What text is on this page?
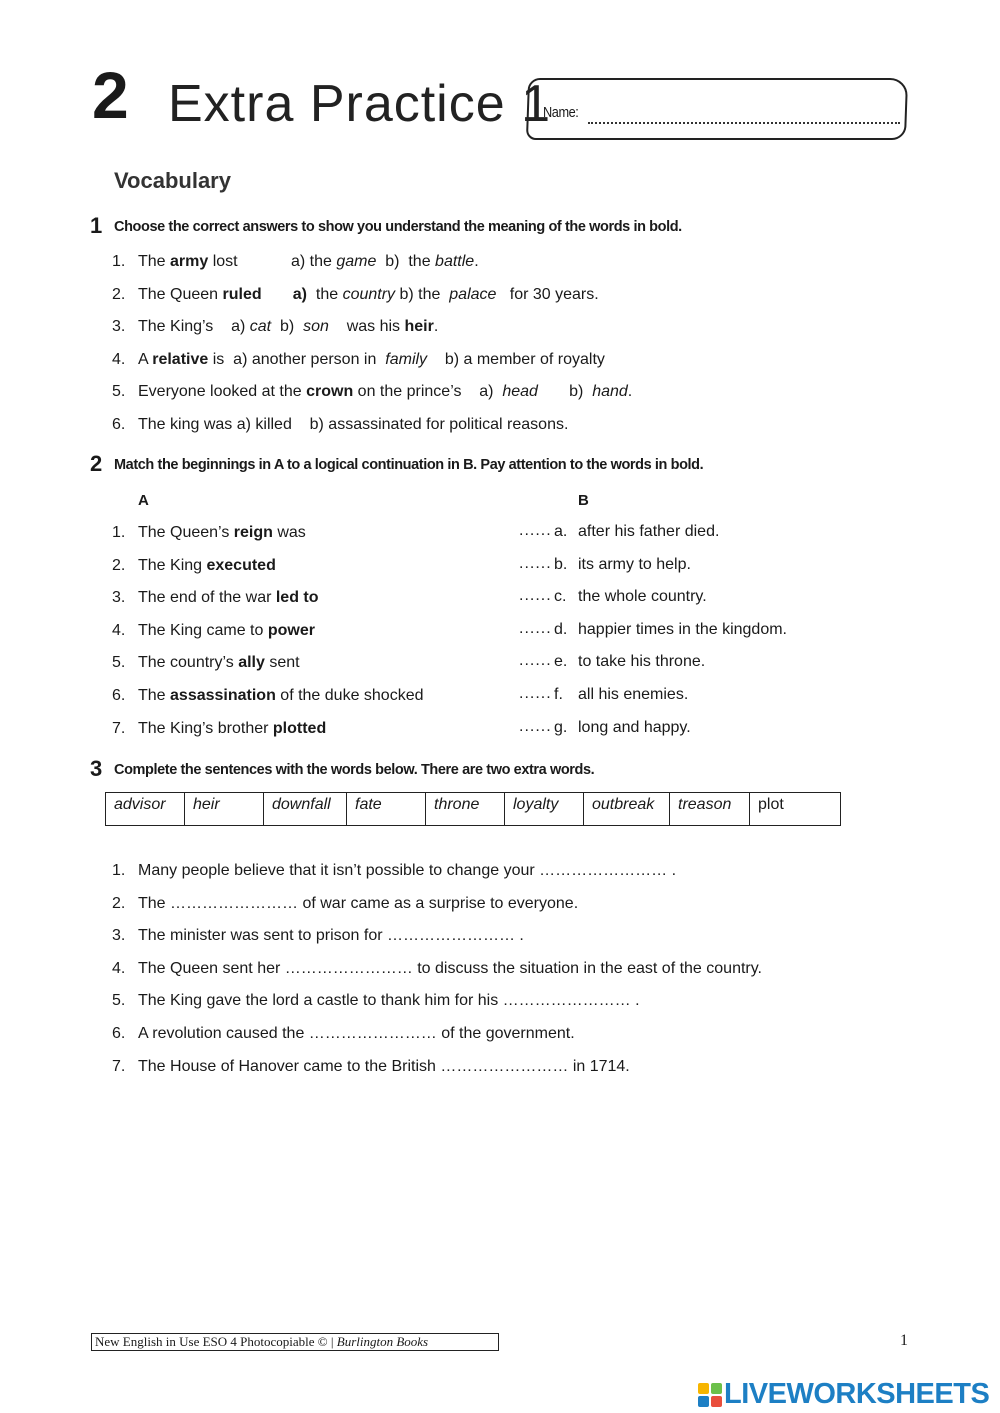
2 Extra Practice 1
Name:
Vocabulary
1 Choose the correct answers to show you understand the meaning of the words in bold.
1. The army lost            a) the game  b)  the battle.
2. The Queen ruled a)  the country b) the  palace   for 30 years.
3. The King’s    a) cat  b)  son    was his heir.
4. A relative is  a) another person in  family    b) a member of royalty
5. Everyone looked at the crown on the prince’s    a)  head       b)  hand.
6. The king was a) killed    b) assassinated for political reasons.
2 Match the beginnings in A to a logical continuation in B. Pay attention to the words in bold.
A	B
1. The Queen’s reign was	...... a. after his father died.
2. The King executed	...... b. its army to help.
3. The end of the war led to	...... c. the whole country.
4. The King came to power	...... d. happier times in the kingdom.
5. The country’s ally sent	...... e. to take his throne.
6. The assassination of the duke shocked	...... f. all his enemies.
7. The King’s brother plotted	...... g. long and happy.
3 Complete the sentences with the words below. There are two extra words.
advisor	heir	downfall	fate	throne	loyalty	outbreak	treason	plot
1. Many people believe that it isn’t possible to change your …………………… .
2. The …………………… of war came as a surprise to everyone.
3. The minister was sent to prison for …………………… .
4. The Queen sent her …………………… to discuss the situation in the east of the country.
5. The King gave the lord a castle to thank him for his …………………… .
6. A revolution caused the …………………… of the government.
7. The House of Hanover came to the British …………………… in 1714.
New English in Use ESO 4 Photocopiable © | Burlington Books	1
LIVEWORKSHEETS
